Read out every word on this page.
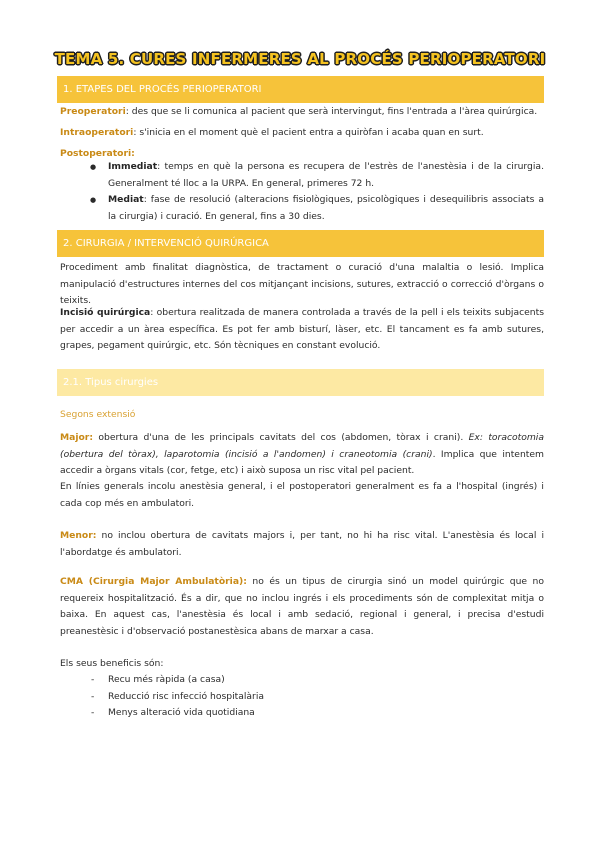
TEMA 5. CURES INFERMERES AL PROCÉS PERIOPERATORI
1. ETAPES DEL PROCÉS PERIOPERATORI

Preoperatori: des que se li comunica al pacient que serà intervingut, fins l'entrada a l'àrea quirúrgica.

Intraoperatori: s'inicia en el moment què el pacient entra a quiròfan i acaba quan en surt.

Postoperatori:

● Immediat: temps en què la persona es recupera de l'estrès de l'anestèsia i de la cirurgia. Generalment té lloc a la URPA. En general, primeres 72 h.
● Mediat: fase de resolució (alteracions fisiològiques, psicològiques i desequilibris associats a la cirurgia) i curació. En general, fins a 30 dies.
2. CIRURGIA / INTERVENCIÓ QUIRÚRGICA

Procediment amb finalitat diagnòstica, de tractament o curació d'una malaltia o lesió. Implica manipulació d'estructures internes del cos mitjançant incisions, sutures, extracció o correcció d'òrgans o teixits.

Incisió quirúrgica: obertura realitzada de manera controlada a través de la pell i els teixits subjacents per accedir a un àrea específica. Es pot fer amb bisturí, làser, etc. El tancament es fa amb sutures, grapes, pegament quirúrgic, etc. Són tècniques en constant evolució.

2.1. Tipus cirurgies

Segons extensió

Major: obertura d'una de les principals cavitats del cos (abdomen, tòrax i crani). Ex: toracotomia (obertura del tòrax), laparotomia (incisió a l'andomen) i craneotomia (crani). Implica que intentem accedir a òrgans vitals (cor, fetge, etc) i això suposa un risc vital pel pacient.

En línies generals incolu anestèsia general, i el postoperatori generalment es fa a l'hospital (ingrés) i cada cop més en ambulatori.

Menor: no inclou obertura de cavitats majors i, per tant, no hi ha risc vital. L'anestèsia és local i l'abordatge és ambulatori.

CMA (Cirurgia Major Ambulatòria): no és un tipus de cirurgia sinó un model quirúrgic que no requereix hospitalització. És a dir, que no inclou ingrés i els procediments són de complexitat mitja o baixa. En aquest cas, l'anestèsia és local i amb sedació, regional i general, i precisa d'estudi preanestèsic i d'observació postanestèsica abans de marxar a casa.

Els seus beneficis són:

- Recu més ràpida (a casa)
- Reducció risc infecció hospitalària
- Menys alteració vida quotidiana
